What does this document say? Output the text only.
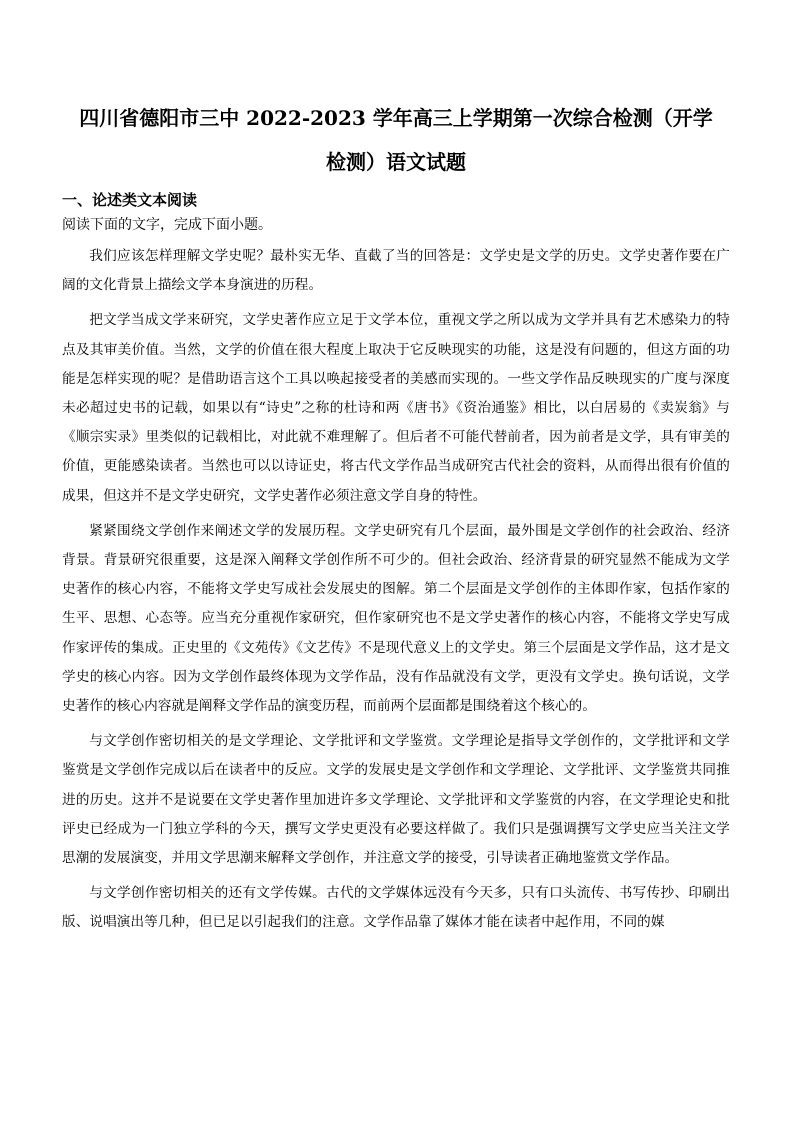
四川省德阳市三中 2022-2023 学年高三上学期第一次综合检测（开学
检测）语文试题
一、论述类文本阅读
阅读下面的文字，完成下面小题。

我们应该怎样理解文学史呢？最朴实无华、直截了当的回答是：文学史是文学的历史。文学史著作要在广阔的文化背景上描绘文学本身演进的历程。

把文学当成文学来研究，文学史著作应立足于文学本位，重视文学之所以成为文学并具有艺术感染力的特点及其审美价值。当然，文学的价值在很大程度上取决于它反映现实的功能，这是没有问题的，但这方面的功能是怎样实现的呢？是借助语言这个工具以唤起接受者的美感而实现的。一些文学作品反映现实的广度与深度未必超过史书的记载，如果以有“诗史”之称的杜诗和两《唐书》《资治通鉴》相比，以白居易的《卖炭翁》与《顺宗实录》里类似的记载相比，对此就不难理解了。但后者不可能代替前者，因为前者是文学，具有审美的价值，更能感染读者。当然也可以以诗证史，将古代文学作品当成研究古代社会的资料，从而得出很有价值的成果，但这并不是文学史研究，文学史著作必须注意文学自身的特性。

紧紧围绕文学创作来阐述文学的发展历程。文学史研究有几个层面，最外围是文学创作的社会政治、经济背景。背景研究很重要，这是深入阐释文学创作所不可少的。但社会政治、经济背景的研究显然不能成为文学史著作的核心内容，不能将文学史写成社会发展史的图解。第二个层面是文学创作的主体即作家，包括作家的生平、思想、心态等。应当充分重视作家研究，但作家研究也不是文学史著作的核心内容，不能将文学史写成作家评传的集成。正史里的《文苑传》《文艺传》不是现代意义上的文学史。第三个层面是文学作品，这才是文学史的核心内容。因为文学创作最终体现为文学作品，没有作品就没有文学，更没有文学史。换句话说，文学史著作的核心内容就是阐释文学作品的演变历程，而前两个层面都是围绕着这个核心的。

与文学创作密切相关的是文学理论、文学批评和文学鉴赏。文学理论是指导文学创作的，文学批评和文学鉴赏是文学创作完成以后在读者中的反应。文学的发展史是文学创作和文学理论、文学批评、文学鉴赏共同推进的历史。这并不是说要在文学史著作里加进许多文学理论、文学批评和文学鉴赏的内容，在文学理论史和批评史已经成为一门独立学科的今天，撰写文学史更没有必要这样做了。我们只是强调撰写文学史应当关注文学思潮的发展演变，并用文学思潮来解释文学创作，并注意文学的接受，引导读者正确地鉴赏文学作品。

与文学创作密切相关的还有文学传媒。古代的文学媒体远没有今天多，只有口头流传、书写传抄、印刷出版、说唱演出等几种，但已足以引起我们的注意。文学作品靠了媒体才能在读者中起作用，不同的媒
